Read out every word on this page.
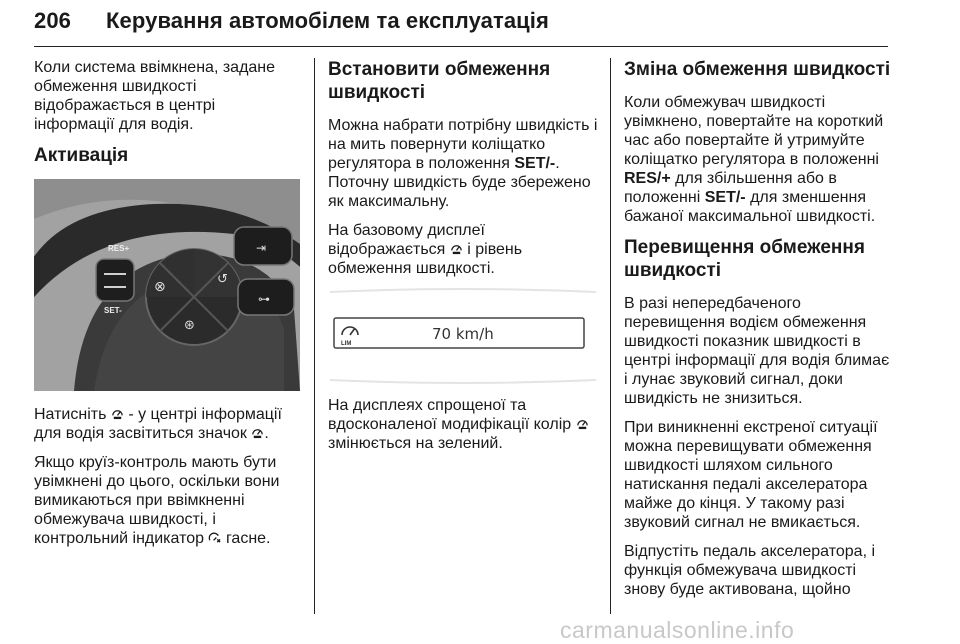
206 Керування автомобілем та експлуатація

Коли система ввімкнена, задане обмеження швидкості відображається в центрі інформації для водія.

Активація
RES+
SET-
⊗	↺
⊛
⇥
⊶

Натисніть  - у центрі інформації для водія засвітиться значок .

Якщо круїз-контроль мають бути увімкнені до цього, оскільки вони вимикаються при ввімкненні обмежувача швидкості, і контрольний індикатор гасне.

Встановити обмеження швидкості

Можна набрати потрібну швидкість і на мить повернути коліщатко регулятора в положення SET/-. Поточну швидкість буде збережено як максимальну.

На базовому дисплеї відображається і рівень обмеження швидкості.

LIM
70 km/h

На дисплеях спрощеної та вдосконаленої модифікації колір  змінюється на зелений.

Зміна обмеження швидкості

Коли обмежувач швидкості увімкнено, повертайте на короткий час або повертайте й утримуйте коліщатко регулятора в положенні RES/+ для збільшення або в положенні SET/- для зменшення бажаної максимальної швидкості.

Перевищення обмеження швидкості

В разі непередбаченого перевищення водієм обмеження швидкості показник швидкості в центрі інформації для водія блимає і лунає звуковий сигнал, доки швидкість не знизиться.

При виникненні екстреної ситуації можна перевищувати обмеження швидкості шляхом сильного натискання педалі акселератора майже до кінця. У такому разі звуковий сигнал не вмикається.

Відпустіть педаль акселератора, і функція обмежувача швидкості знову буде активована, щойно

carmanualsonline.info
